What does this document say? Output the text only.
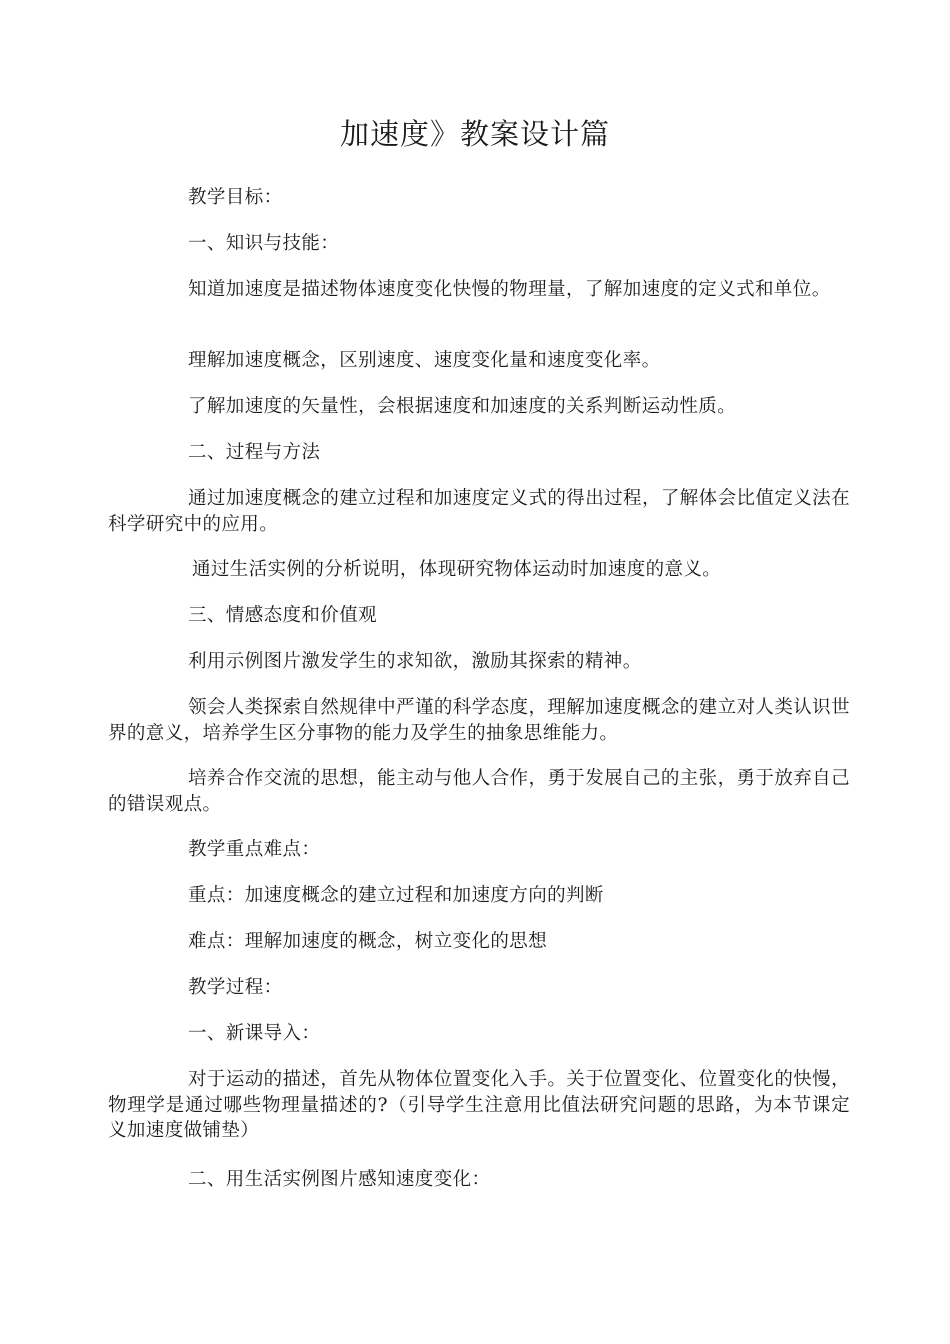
加速度》教案设计篇

教学目标：

一、知识与技能：

知道加速度是描述物体速度变化快慢的物理量，了解加速度的定义式和单位。

理解加速度概念，区别速度、速度变化量和速度变化率。

了解加速度的矢量性，会根据速度和加速度的关系判断运动性质。

二、过程与方法

通过加速度概念的建立过程和加速度定义式的得出过程，了解体会比值定义法在科学研究中的应用。

通过生活实例的分析说明，体现研究物体运动时加速度的意义。

三、情感态度和价值观

利用示例图片激发学生的求知欲，激励其探索的精神。

领会人类探索自然规律中严谨的科学态度，理解加速度概念的建立对人类认识世界的意义，培养学生区分事物的能力及学生的抽象思维能力。

培养合作交流的思想，能主动与他人合作，勇于发展自己的主张，勇于放弃自己的错误观点。

教学重点难点：

重点：加速度概念的建立过程和加速度方向的判断

难点：理解加速度的概念，树立变化的思想

教学过程：

一、新课导入：

对于运动的描述，首先从物体位置变化入手。关于位置变化、位置变化的快慢，物理学是通过哪些物理量描述的?（引导学生注意用比值法研究问题的思路，为本节课定义加速度做铺垫）

二、用生活实例图片感知速度变化：
